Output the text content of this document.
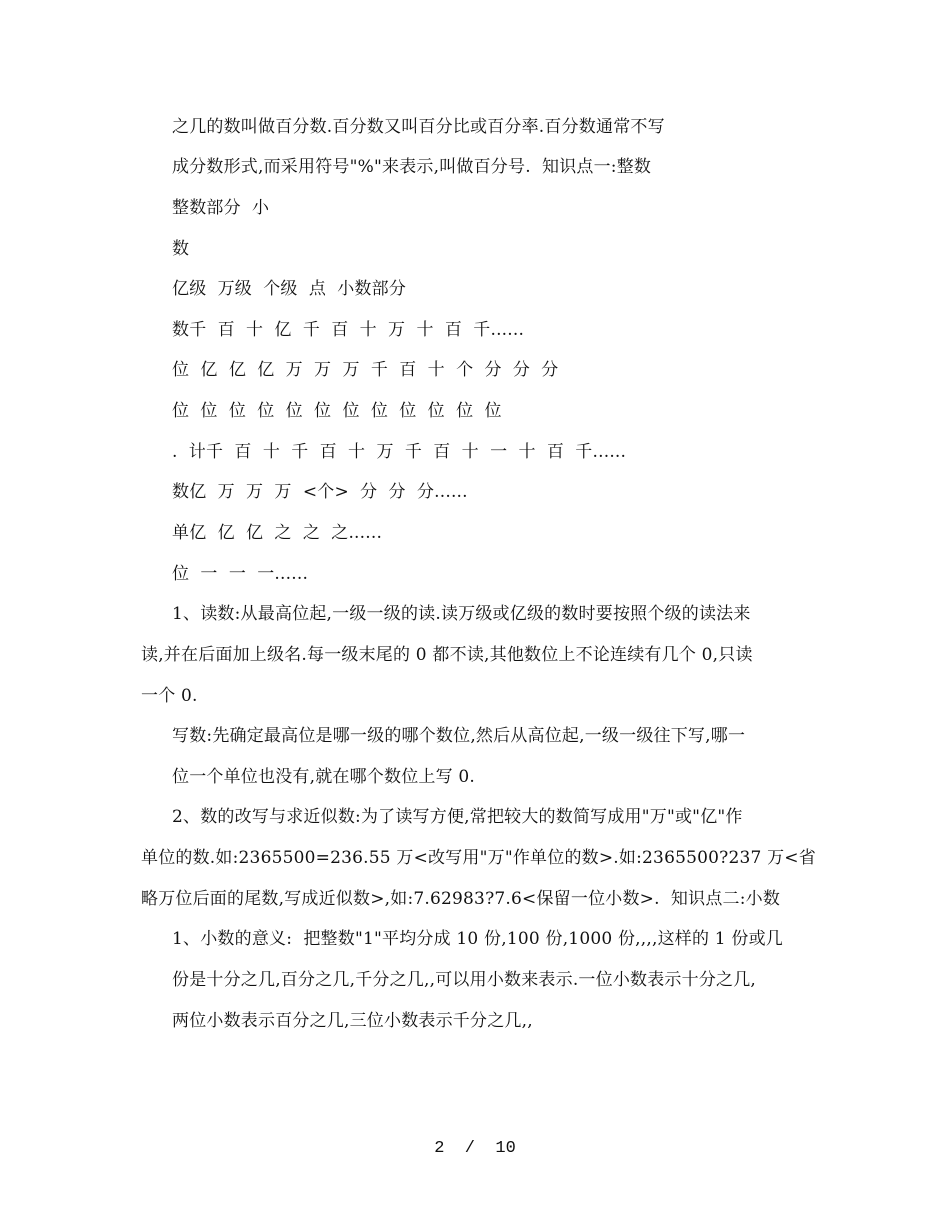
之几的数叫做百分数.百分数又叫百分比或百分率.百分数通常不写
成分数形式,而采用符号"%"来表示,叫做百分号.  知识点一:整数
整数部分  小
数
亿级  万级  个级  点  小数部分
数千  百  十  亿  千  百  十  万  十  百  千......
位  亿  亿  亿  万  万  万  千  百  十  个  分  分  分
位  位  位  位  位  位  位  位  位  位  位  位
.  计千  百  十  千  百  十  万  千  百  十  一  十  百  千......
数亿  万  万  万  <个>  分  分  分......
单亿  亿  亿  之  之  之......
位  一  一  一......
1、读数:从最高位起,一级一级的读.读万级或亿级的数时要按照个级的读法来
读,并在后面加上级名.每一级末尾的 0 都不读,其他数位上不论连续有几个 0,只读
一个 0.
写数:先确定最高位是哪一级的哪个数位,然后从高位起,一级一级往下写,哪一
位一个单位也没有,就在哪个数位上写 0.
2、数的改写与求近似数:为了读写方便,常把较大的数简写成用"万"或"亿"作
单位的数.如:2365500=236.55 万<改写用"万"作单位的数>.如:2365500?237 万<省
略万位后面的尾数,写成近似数>,如:7.62983?7.6<保留一位小数>.  知识点二:小数
1、小数的意义:  把整数"1"平均分成 10 份,100 份,1000 份,,,,这样的 1 份或几
份是十分之几,百分之几,千分之几,,可以用小数来表示.一位小数表示十分之几,
两位小数表示百分之几,三位小数表示千分之几,,
2  /  10
